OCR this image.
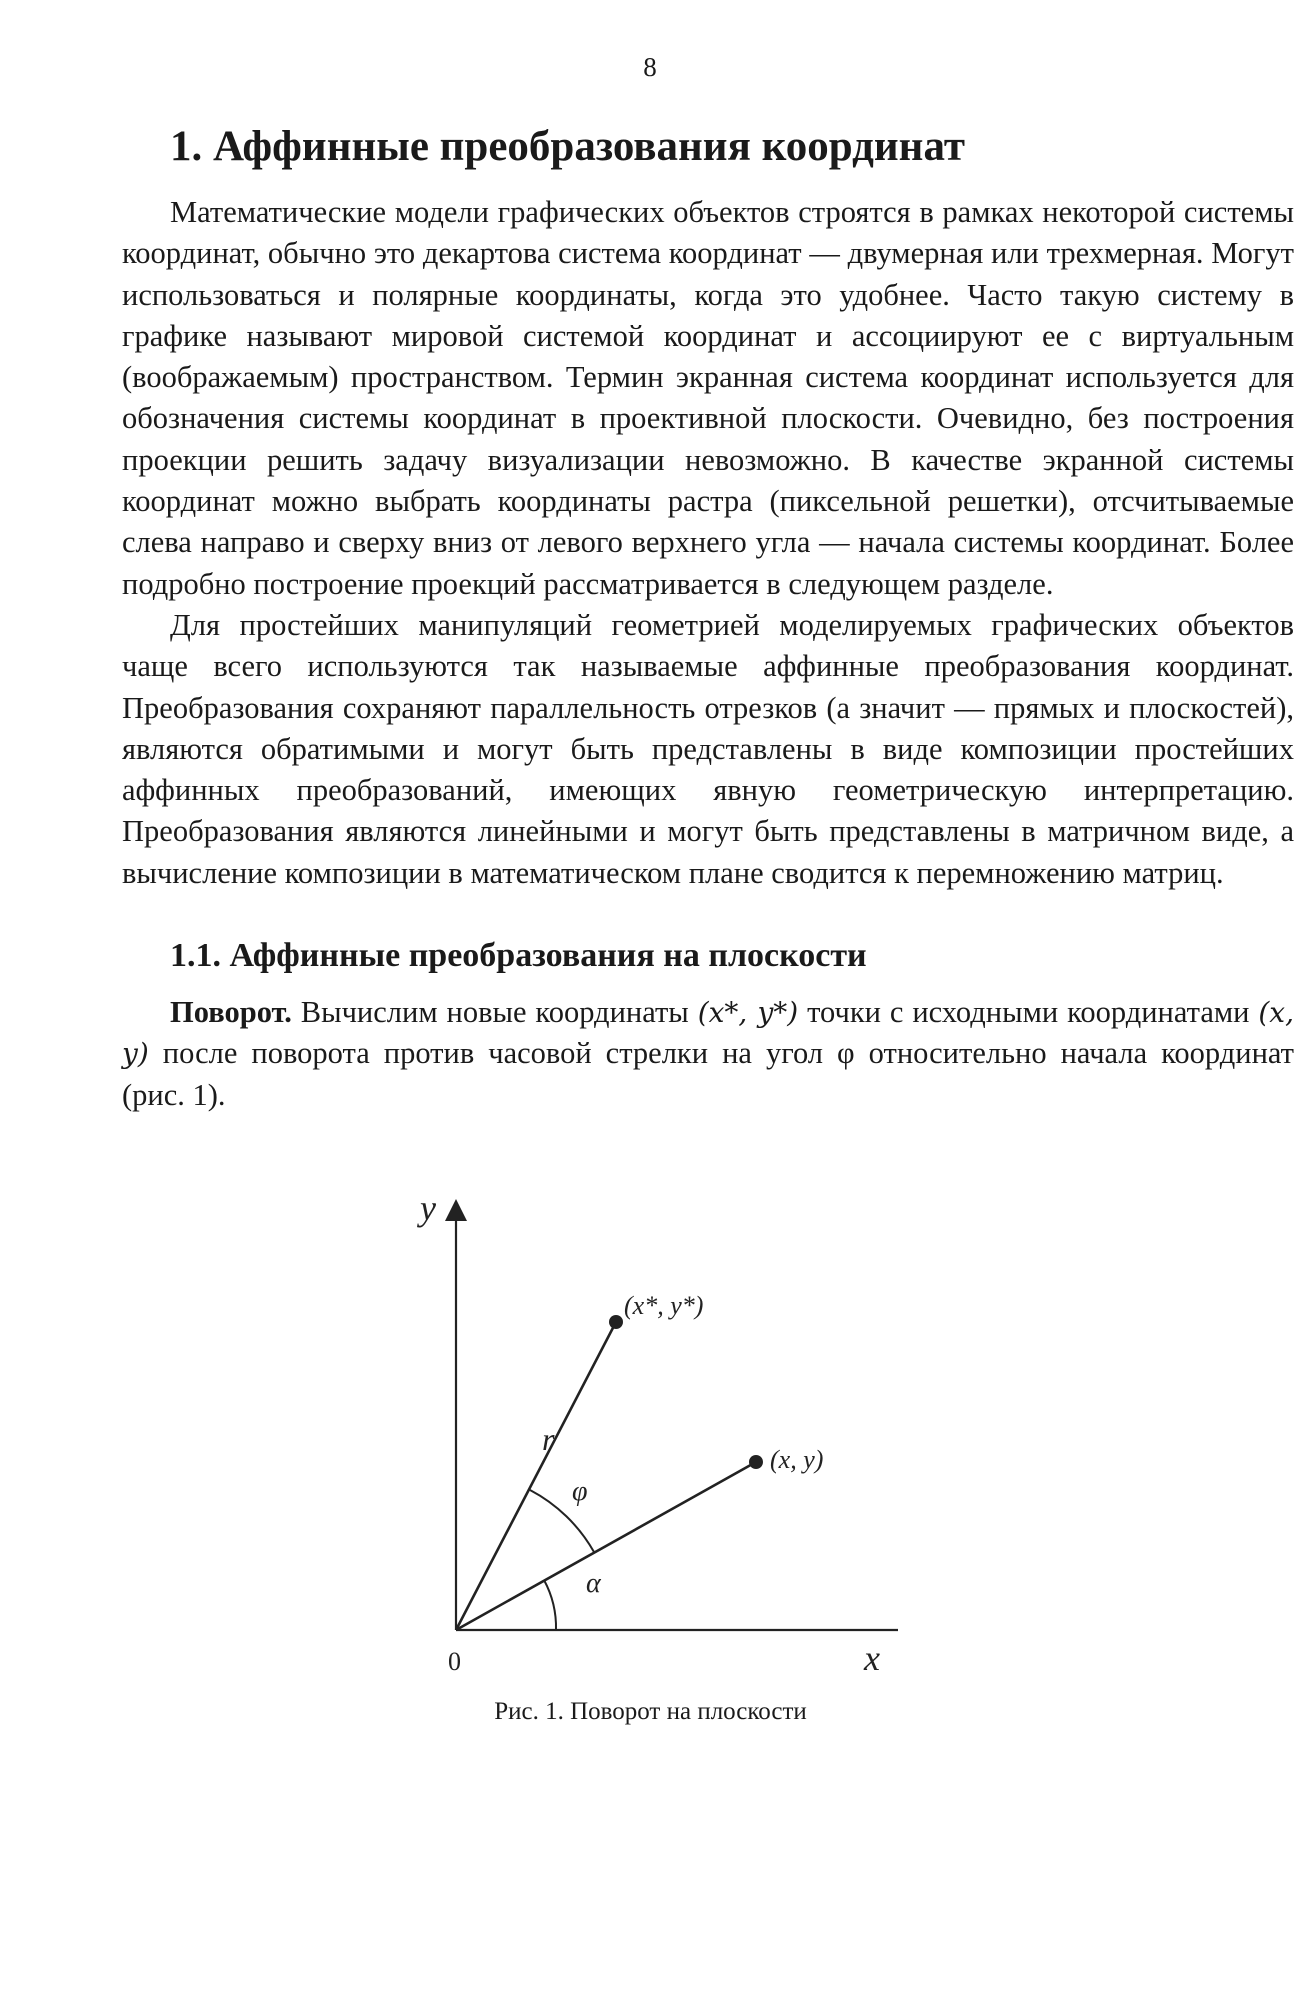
8
1. Аффинные преобразования координат

Математические модели графических объектов строятся в рамках некоторой системы координат, обычно это декартова система координат — двумерная или трехмерная. Могут использоваться и полярные координаты, когда это удобнее. Часто такую систему в графике называют мировой системой координат и ассоциируют ее с виртуальным (воображаемым) пространством. Термин экранная система координат используется для обозначения системы координат в проективной плоскости. Очевидно, без построения проекции решить задачу визуализации невозможно. В качестве экранной системы координат можно выбрать координаты растра (пиксельной решетки), отсчитываемые слева направо и сверху вниз от левого верхнего угла — начала системы координат. Более подробно построение проекций рассматривается в следующем разделе.

Для простейших манипуляций геометрией моделируемых графических объектов чаще всего используются так называемые аффинные преобразования координат. Преобразования сохраняют параллельность отрезков (а значит — прямых и плоскостей), являются обратимыми и могут быть представлены в виде композиции простейших аффинных преобразований, имеющих явную геометрическую интерпретацию. Преобразования являются линейными и могут быть представлены в матричном виде, а вычисление композиции в математическом плане сводится к перемножению матриц.

1.1. Аффинные преобразования на плоскости

Поворот. Вычислим новые координаты (x*, y*) точки с исходными координатами (x, y) после поворота против часовой стрелки на угол φ относительно начала координат (рис. 1).

y
x
0
(x*, y*)
(x, y)
r
φ
α
Рис. 1. Поворот на плоскости
